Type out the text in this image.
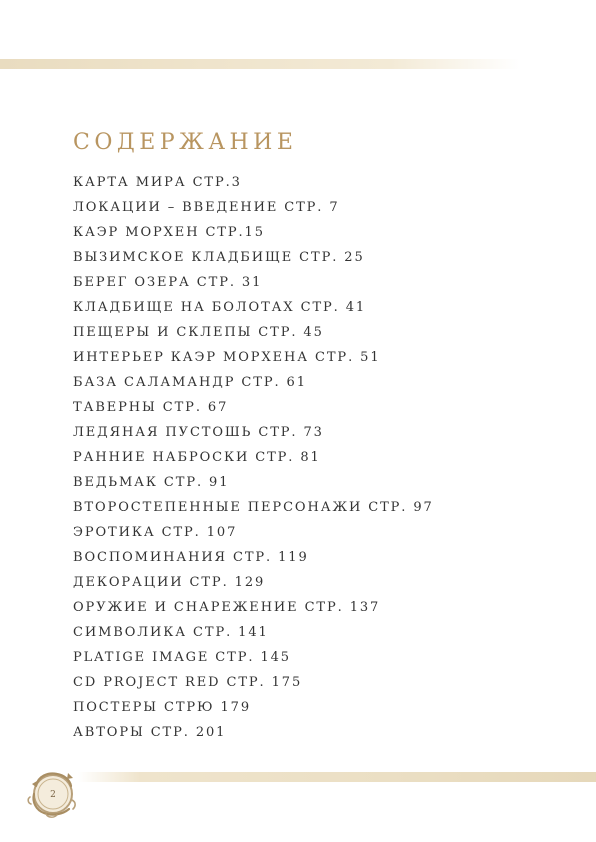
СОДЕРЖАНИЕ
КАРТА МИРА СТР.3
ЛОКАЦИИ – ВВЕДЕНИЕ СТР. 7
КАЭР МОРХЕН СТР.15
ВЫЗИМСКОЕ КЛАДБИЩЕ СТР. 25
БЕРЕГ ОЗЕРА СТР. 31
КЛАДБИЩЕ НА БОЛОТАХ СТР. 41
ПЕЩЕРЫ И СКЛЕПЫ СТР. 45
ИНТЕРЬЕР КАЭР МОРХЕНА СТР. 51
БАЗА САЛАМАНДР СТР. 61
ТАВЕРНЫ СТР. 67
ЛЕДЯНАЯ ПУСТОШЬ СТР. 73
РАННИЕ НАБРОСКИ СТР. 81
ВЕДЬМАК СТР. 91
ВТОРОСТЕПЕННЫЕ ПЕРСОНАЖИ СТР. 97
ЭРОТИКА СТР. 107
ВОСПОМИНАНИЯ СТР. 119
ДЕКОРАЦИИ СТР. 129
ОРУЖИЕ И СНАРЕЖЕНИЕ СТР. 137
СИМВОЛИКА СТР. 141
PLATIGE IMAGE СТР. 145
CD PROJECT RED СТР. 175
ПОСТЕРЫ СТРЮ 179
АВТОРЫ СТР. 201
2
